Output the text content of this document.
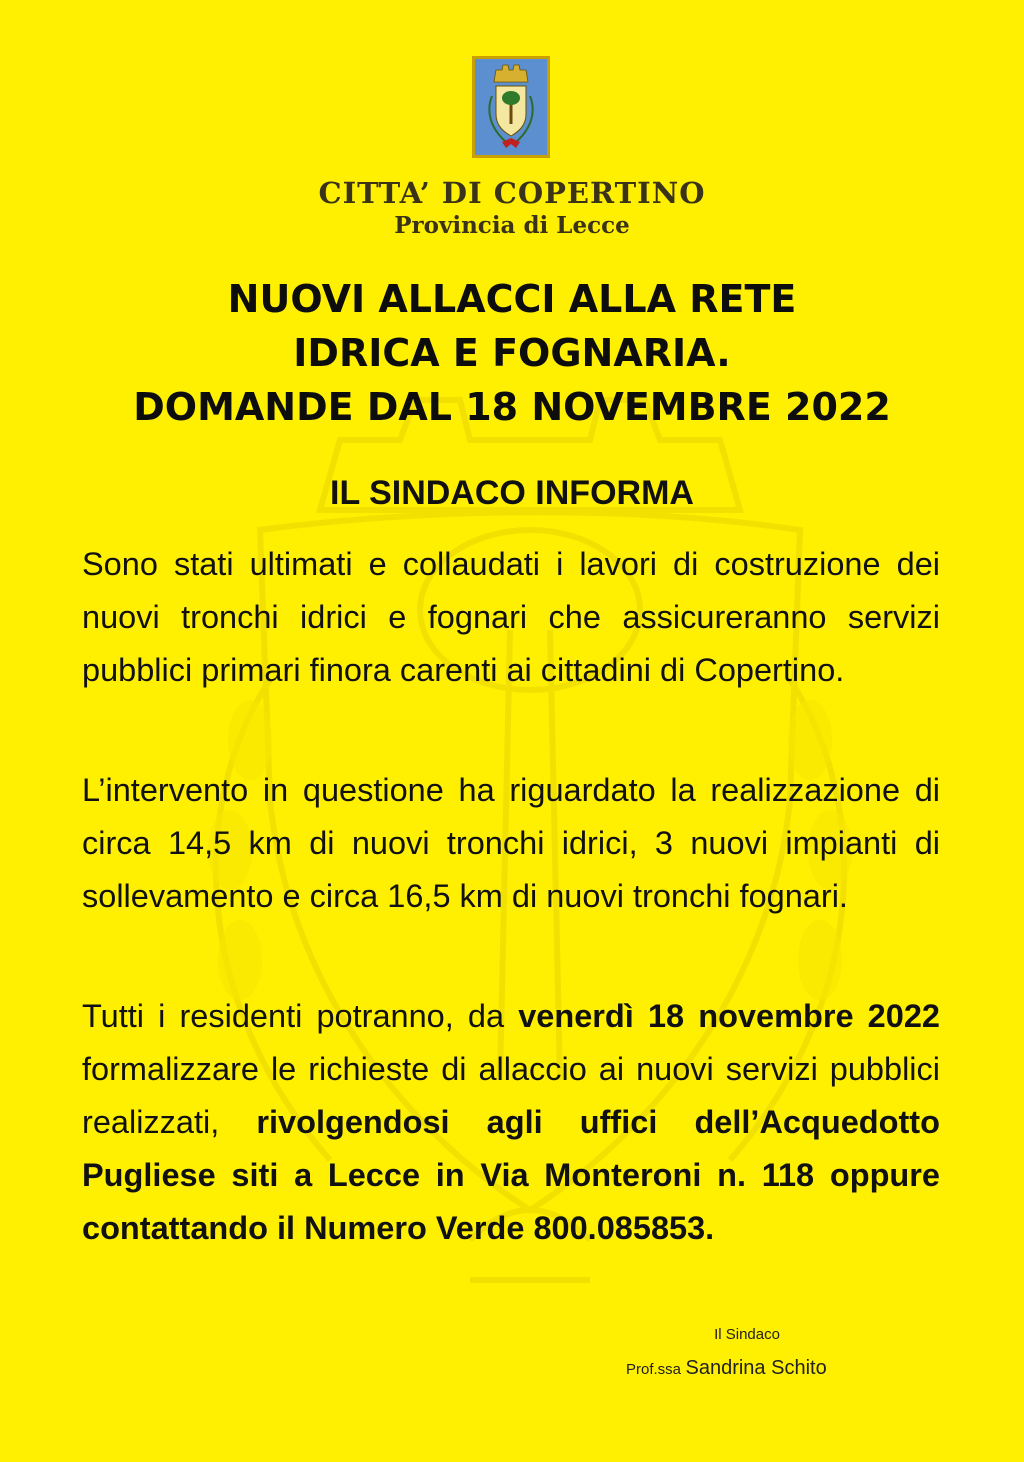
CITTA’ DI COPERTINO
Provincia di Lecce
NUOVI ALLACCI ALLA RETE
IDRICA E FOGNARIA.
DOMANDE DAL 18 NOVEMBRE 2022
IL SINDACO INFORMA
Sono stati ultimati e collaudati i lavori di costruzione dei nuovi tronchi idrici e fognari che assicureranno servizi pubblici primari finora carenti ai cittadini di Copertino.
L’intervento in questione ha riguardato la realizzazione di circa 14,5 km di nuovi tronchi idrici, 3 nuovi impianti di sollevamento e circa 16,5 km di nuovi tronchi fognari.
Tutti i residenti potranno, da venerdì 18 novembre 2022 formalizzare le richieste di allaccio ai nuovi servizi pubblici realizzati, rivolgendosi agli uffici dell’Acquedotto Pugliese siti a Lecce in Via Monteroni n. 118 oppure contattando il Numero Verde 800.085853.
Il Sindaco
Prof.ssa Sandrina Schito
